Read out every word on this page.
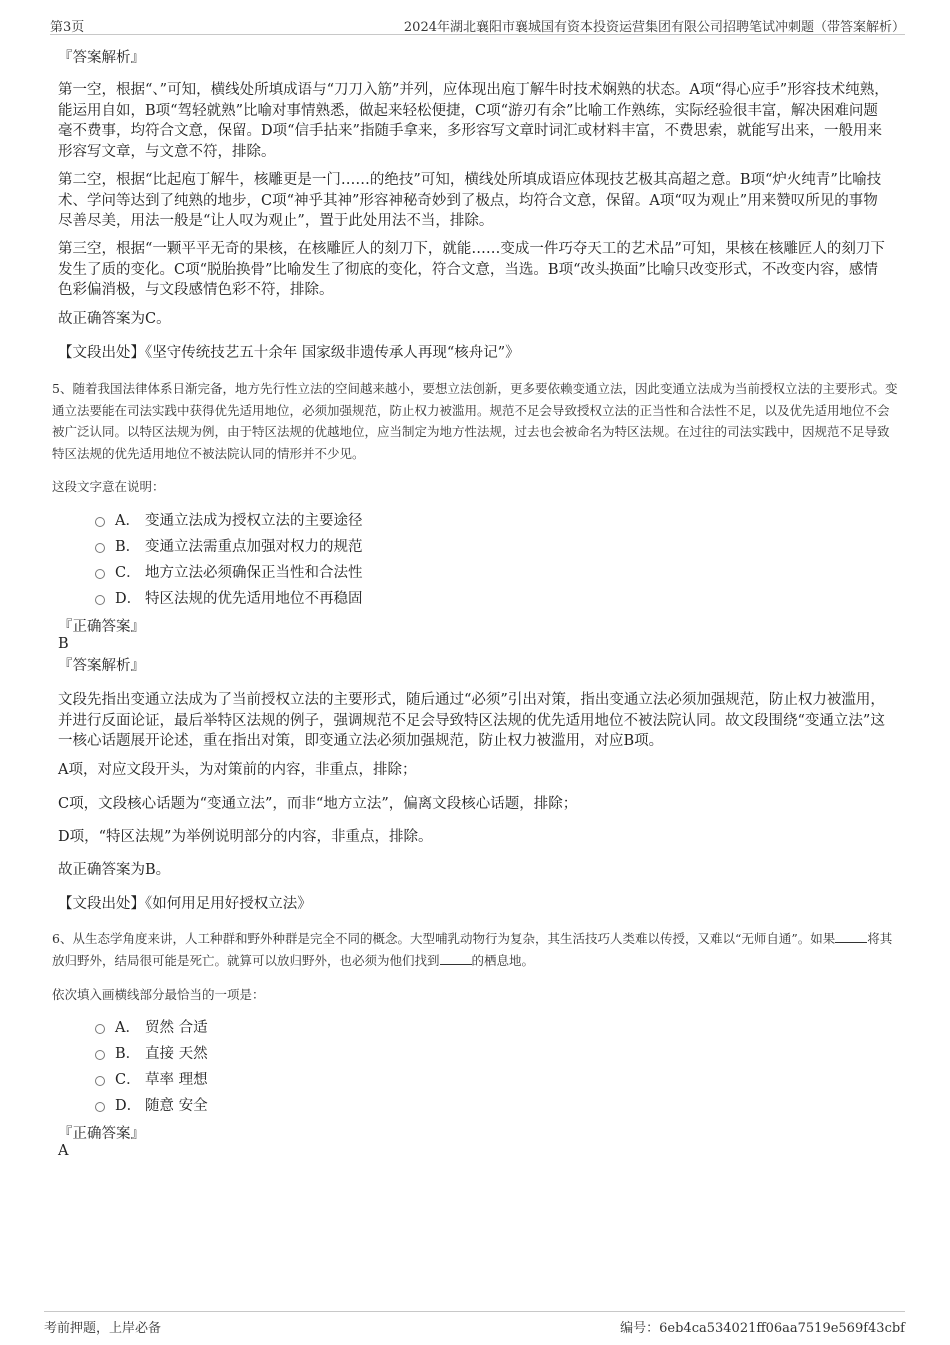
第3页	2024年湖北襄阳市襄城国有资本投资运营集团有限公司招聘笔试冲刺题（带答案解析）
『答案解析』
第一空，根据“、”可知，横线处所填成语与“刀刀入筋”并列，应体现出庖丁解牛时技术娴熟的状态。A项“得心应手”形容技术纯熟，能运用自如，B项“驾轻就熟”比喻对事情熟悉，做起来轻松便捷，C项“游刃有余”比喻工作熟练，实际经验很丰富，解决困难问题毫不费事，均符合文意，保留。D项“信手拈来”指随手拿来，多形容写文章时词汇或材料丰富，不费思索，就能写出来，一般用来形容写文章，与文意不符，排除。
第二空，根据“比起庖丁解牛，核雕更是一门……的绝技”可知，横线处所填成语应体现技艺极其高超之意。B项“炉火纯青”比喻技术、学问等达到了纯熟的地步，C项“神乎其神”形容神秘奇妙到了极点，均符合文意，保留。A项“叹为观止”用来赞叹所见的事物尽善尽美，用法一般是“让人叹为观止”，置于此处用法不当，排除。
第三空，根据“一颗平平无奇的果核，在核雕匠人的刻刀下，就能……变成一件巧夺天工的艺术品”可知，果核在核雕匠人的刻刀下发生了质的变化。C项“脱胎换骨”比喻发生了彻底的变化，符合文意，当选。B项“改头换面”比喻只改变形式，不改变内容，感情色彩偏消极，与文段感情色彩不符，排除。
故正确答案为C。
【文段出处】《坚守传统技艺五十余年 国家级非遗传承人再现“核舟记”》
5、随着我国法律体系日渐完备，地方先行性立法的空间越来越小，要想立法创新，更多要依赖变通立法，因此变通立法成为当前授权立法的主要形式。变通立法要能在司法实践中获得优先适用地位，必须加强规范，防止权力被滥用。规范不足会导致授权立法的正当性和合法性不足，以及优先适用地位不会被广泛认同。以特区法规为例，由于特区法规的优越地位，应当制定为地方性法规，过去也会被命名为特区法规。在过往的司法实践中，因规范不足导致特区法规的优先适用地位不被法院认同的情形并不少见。
这段文字意在说明：
A． 变通立法成为授权立法的主要途径
B． 变通立法需重点加强对权力的规范
C． 地方立法必须确保正当性和合法性
D． 特区法规的优先适用地位不再稳固
『正确答案』
B
『答案解析』
文段先指出变通立法成为了当前授权立法的主要形式，随后通过“必须”引出对策，指出变通立法必须加强规范，防止权力被滥用，并进行反面论证，最后举特区法规的例子，强调规范不足会导致特区法规的优先适用地位不被法院认同。故文段围绕“变通立法”这一核心话题展开论述，重在指出对策，即变通立法必须加强规范，防止权力被滥用，对应B项。
A项，对应文段开头，为对策前的内容，非重点，排除；
C项，文段核心话题为“变通立法”，而非“地方立法”，偏离文段核心话题，排除；
D项，“特区法规”为举例说明部分的内容，非重点，排除。
故正确答案为B。
【文段出处】《如何用足用好授权立法》
6、从生态学角度来讲，人工种群和野外种群是完全不同的概念。大型哺乳动物行为复杂，其生活技巧人类难以传授，又难以“无师自通”。如果	将其放归野外，结局很可能是死亡。就算可以放归野外，也必须为他们找到	的栖息地。
依次填入画横线部分最恰当的一项是：
A． 贸然 合适
B． 直接 天然
C． 草率 理想
D． 随意 安全
『正确答案』
A
考前押题，上岸必备	编号：6eb4ca534021ff06aa7519e569f43cbf
